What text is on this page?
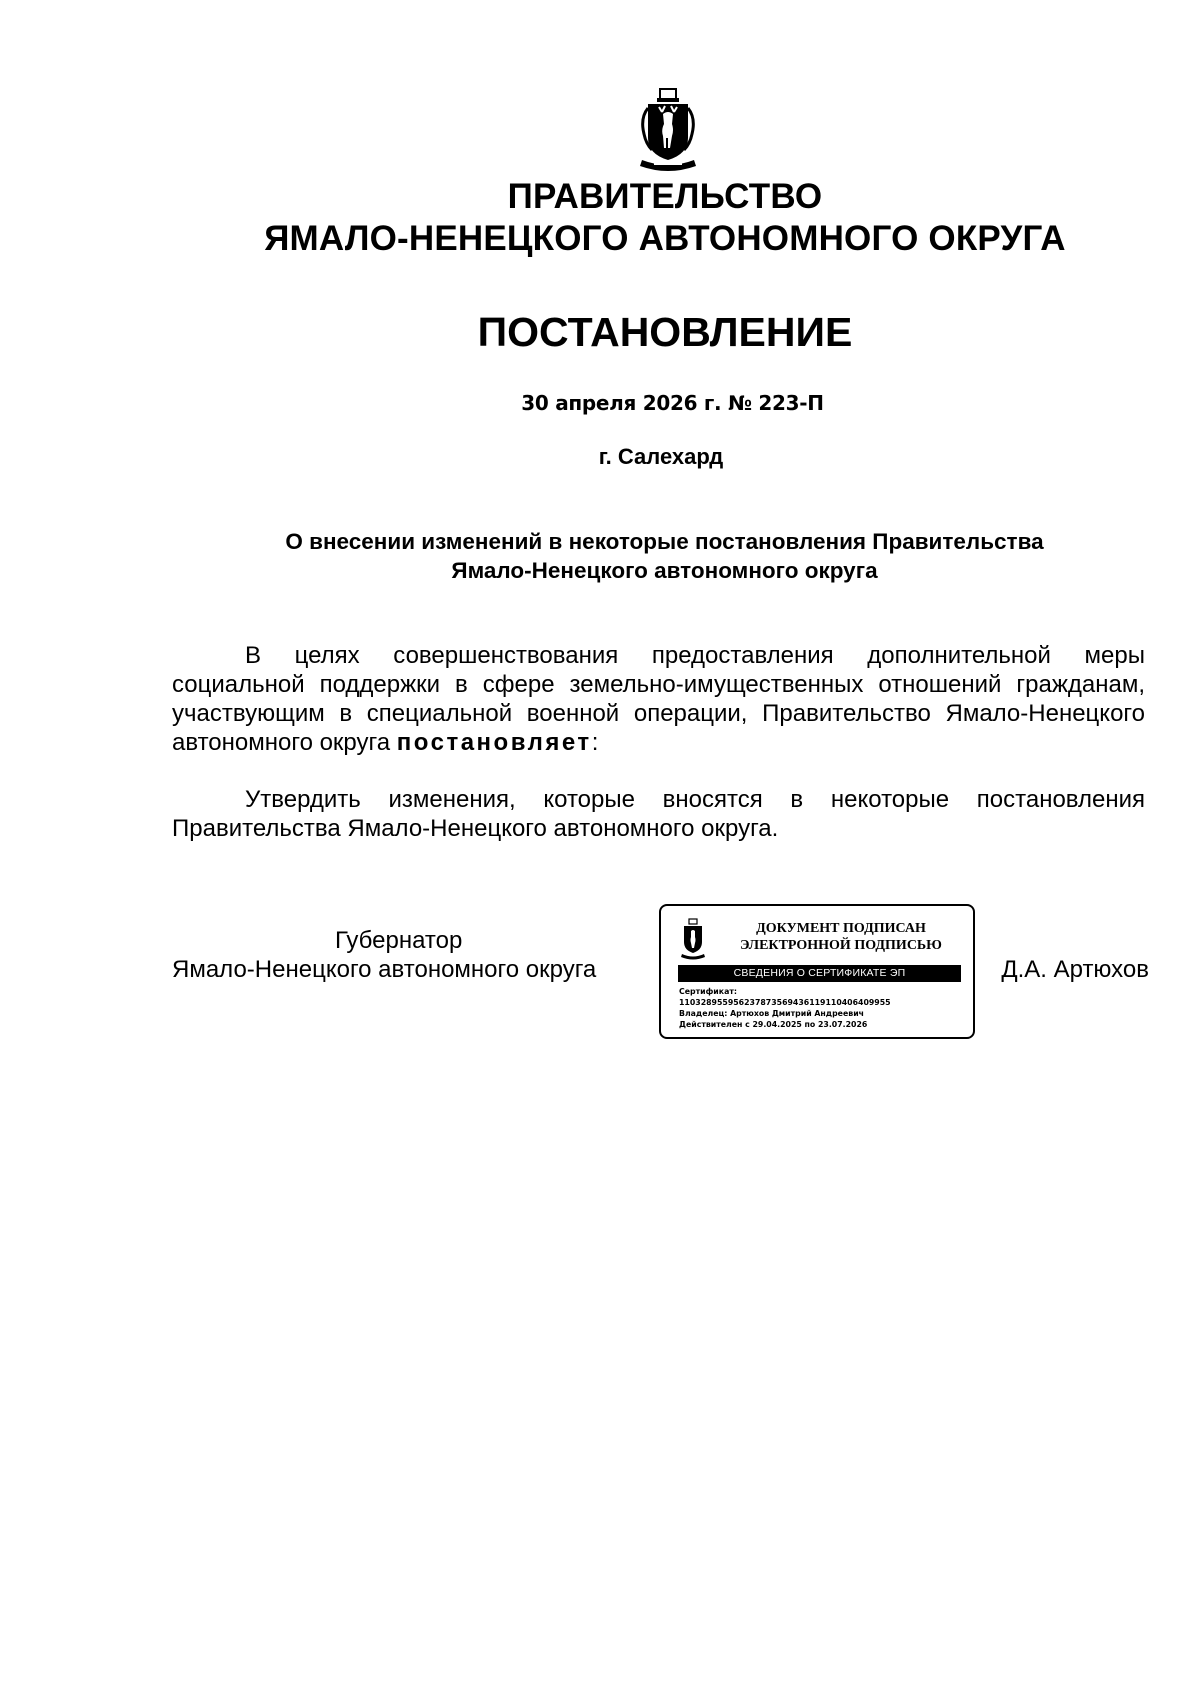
ПРАВИТЕЛЬСТВО
ЯМАЛО-НЕНЕЦКОГО АВТОНОМНОГО ОКРУГА
ПОСТАНОВЛЕНИЕ
30 апреля 2026 г. № 223-П
г. Салехард
О внесении изменений в некоторые постановления Правительства
Ямало-Ненецкого автономного округа
В целях совершенствования предоставления дополнительной меры социальной поддержки в сфере земельно-имущественных отношений гражданам, участвующим в специальной военной операции, Правительство Ямало-Ненецкого автономного округа постановляет:
Утвердить изменения, которые вносятся в некоторые постановления Правительства Ямало-Ненецкого автономного округа.
Губернатор
Ямало-Ненецкого автономного округа
ДОКУМЕНТ ПОДПИСАН
ЭЛЕКТРОННОЙ ПОДПИСЬЮ
СВЕДЕНИЯ О СЕРТИФИКАТЕ ЭП
Сертификат:
110328955956237873569436119110406409955
Владелец: Артюхов Дмитрий Андреевич
Действителен с 29.04.2025 по 23.07.2026
Д.А. Артюхов
